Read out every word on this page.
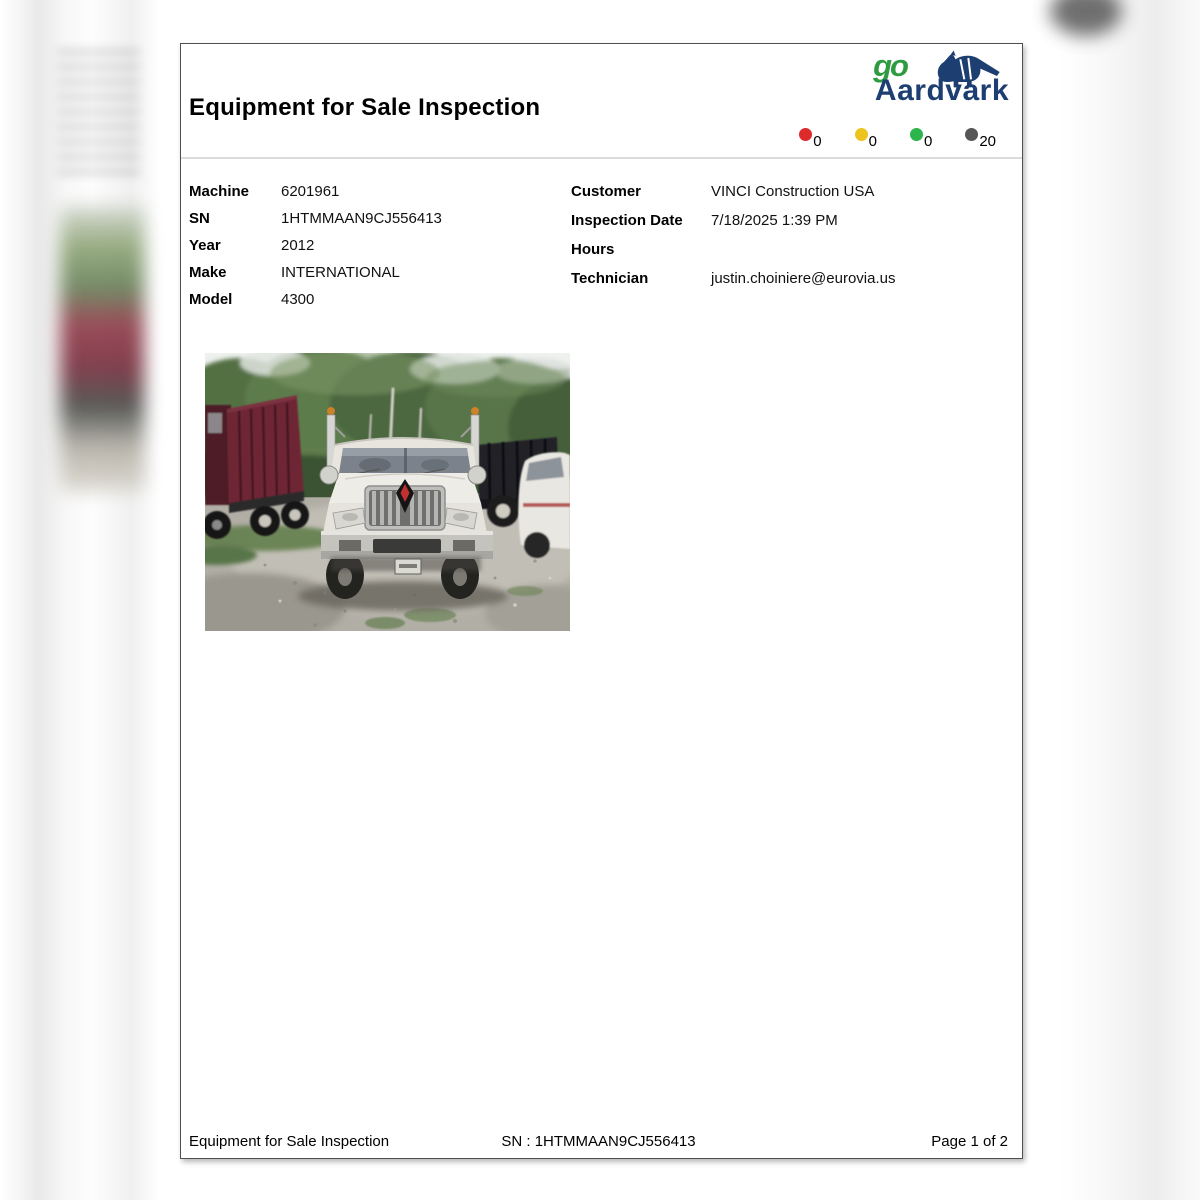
Equipment for Sale Inspection
go
Aardvark
0	0	0	20
Machine	6201961
SN	1HTMMAAN9CJ556413
Year	2012
Make	INTERNATIONAL
Model	4300
Customer	VINCI Construction USA
Inspection Date	7/18/2025 1:39 PM
Hours
Technician	justin.choiniere@eurovia.us
Equipment for Sale Inspection	SN : 1HTMMAAN9CJ556413	Page 1 of 2
